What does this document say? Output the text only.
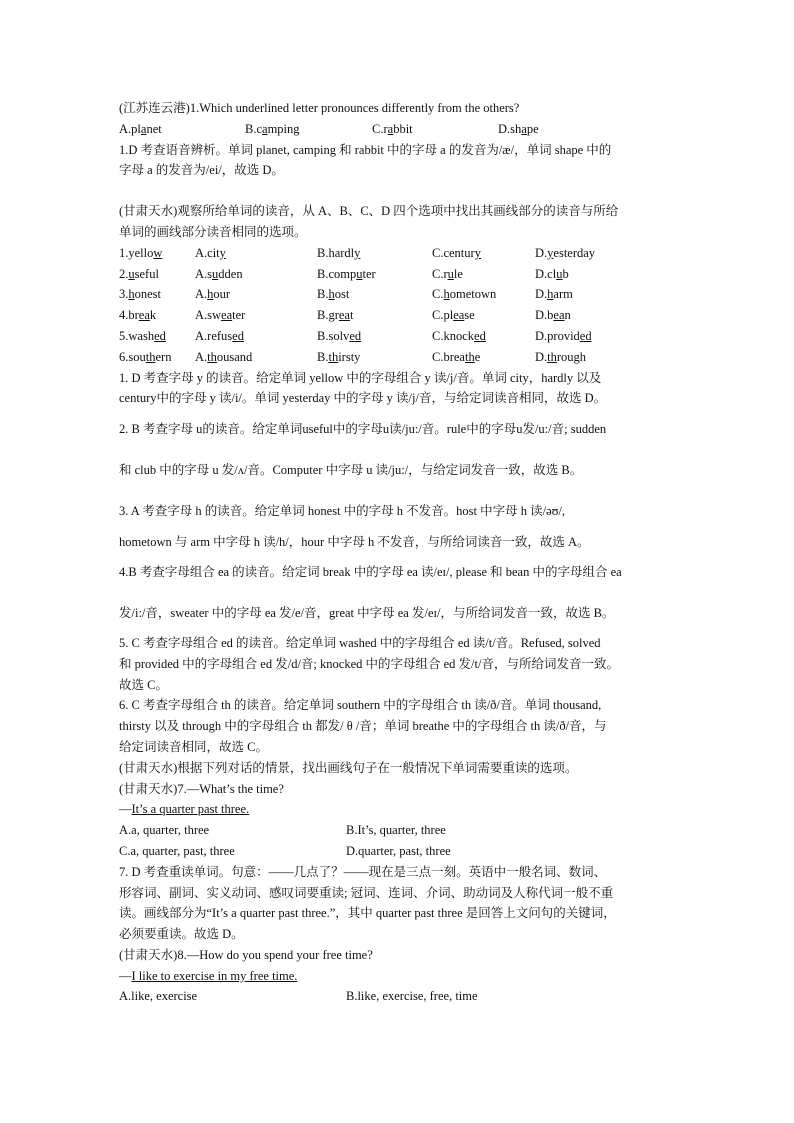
(江苏连云港)1.Which underlined letter pronounces differently from the others?
A.planet	B.camping	C.rabbit	D.shape
1.D 考查语音辨析。单词 planet, camping 和 rabbit 中的字母 a 的发音为/æ/，单词 shape 中的
字母 a 的发音为/ei/，故选 D。
(甘肃天水)观察所给单词的读音，从 A、B、C、D 四个选项中找出其画线部分的读音与所给
单词的画线部分读音相同的选项。
1.yellow	A.city	B.hardly	C.century	D.yesterday
2.useful	A.sudden	B.computer	C.rule	D.club
3.honest	A.hour	B.host	C.hometown	D.harm
4.break	A.sweater	B.great	C.please	D.bean
5.washed	A.refused	B.solved	C.knocked	D.provided
6.southern	A.thousand	B.thirsty	C.breathe	D.through
1. D 考查字母 y 的读音。给定单词 yellow 中的字母组合 y 读/j/音。单词 city，hardly 以及
century中的字母 y 读/i/。单词 yesterday 中的字母 y 读/j/音，与给定词读音相同，故选 D。
2. B 考查字母 u的读音。给定单词useful中的字母u读/ju:/音。rule中的字母u发/u:/音; sudden
和 club 中的字母 u 发/ʌ/音。Computer 中字母 u 读/ju:/，与给定词发音一致，故选 B。
3. A 考查字母 h 的读音。给定单词 honest 中的字母 h 不发音。host 中字母 h 读/əʊ/,
hometown 与 arm 中字母 h 读/h/，hour 中字母 h 不发音，与所给词读音一致，故选 A。
4.B 考查字母组合 ea 的读音。给定词 break 中的字母 ea 读/eɪ/, please 和 bean 中的字母组合 ea
发/i:/音，sweater 中的字母 ea 发/e/音，great 中字母 ea 发/eɪ/，与所给词发音一致，故选 B。
5. C 考查字母组合 ed 的读音。给定单词 washed 中的字母组合 ed 读/t/音。Refused, solved
和 provided 中的字母组合 ed 发/d/音; knocked 中的字母组合 ed 发/t/音，与所给词发音一致。
故选 C。
6. C 考查字母组合 th 的读音。给定单词 southern 中的字母组合 th 读/ð/音。单词 thousand,
thirsty 以及 through 中的字母组合 th 都发/ θ /音；单词 breathe 中的字母组合 th 读/ð/音，与
给定词读音相同，故选 C。
(甘肃天水)根据下列对话的情景，找出画线句子在一般情况下单词需要重读的选项。
(甘肃天水)7.—What’s the time?
—It’s a quarter past three.
A.a, quarter, three	B.It’s, quarter, three
C.a, quarter, past, three	D.quarter, past, three
7. D 考查重读单词。句意：——几点了？——现在是三点一刻。英语中一般名词、数词、
形容词、副词、实义动词、感叹词要重读; 冠词、连词、介词、助动词及人称代词一般不重
读。画线部分为“It’s a quarter past three.”，其中 quarter past three 是回答上文问句的关键词，
必须要重读。故选 D。
(甘肃天水)8.—How do you spend your free time?
—I like to exercise in my free time.
A.like, exercise	B.like, exercise, free, time
